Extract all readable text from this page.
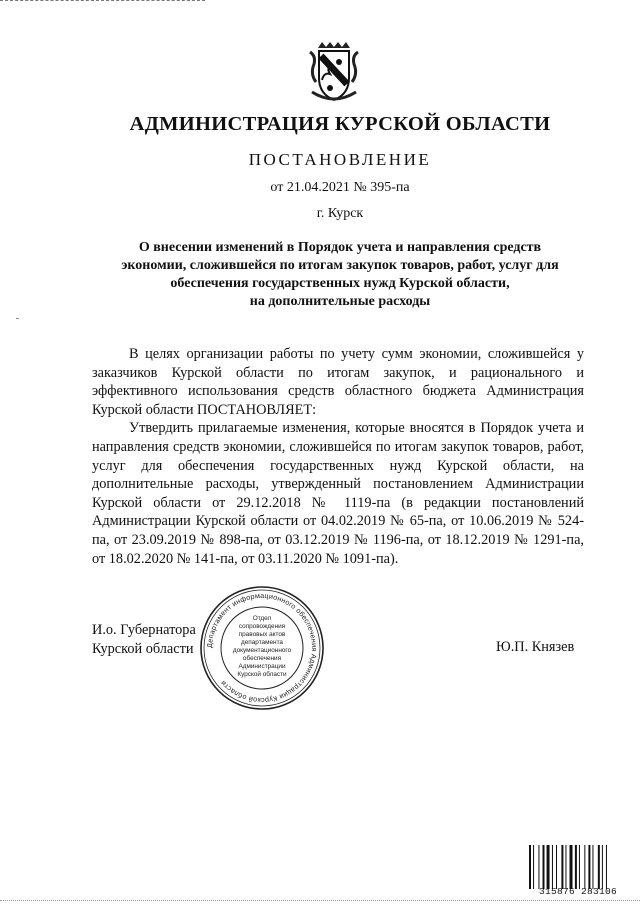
АДМИНИСТРАЦИЯ КУРСКОЙ ОБЛАСТИ
ПОСТАНОВЛЕНИЕ
от 21.04.2021 № 395-па
г. Курск
О внесении изменений в Порядок учета и направления средств
экономии, сложившейся по итогам закупок товаров, работ, услуг для
обеспечения государственных нужд Курской области,
на дополнительные расходы

В целях организации работы по учету сумм экономии, сложившейся у заказчиков Курской области по итогам закупок, и рационального и эффективного использования средств областного бюджета Администрация Курской области ПОСТАНОВЛЯЕТ:

Утвердить прилагаемые изменения, которые вносятся в Порядок учета и направления средств экономии, сложившейся по итогам закупок товаров, работ, услуг для обеспечения государственных нужд Курской области, на дополнительные расходы, утвержденный постановлением Администрации Курской области от 29.12.2018 № 1119-па (в редакции постановлений Администрации Курской области от 04.02.2019 № 65-па, от 10.06.2019 № 524-па, от 23.09.2019 № 898-па, от 03.12.2019 № 1196-па, от 18.12.2019 № 1291-па, от 18.02.2020 № 141-па, от 03.11.2020 № 1091-па).

И.о. Губернатора
Курской области	Департамент информационного обеспечения Администрации Курской области
Отдел
сопровождения
правовых актов
департамента
документационного
обеспечения
Администрации
Курской области
Ю.П. Князев
315876 283106
